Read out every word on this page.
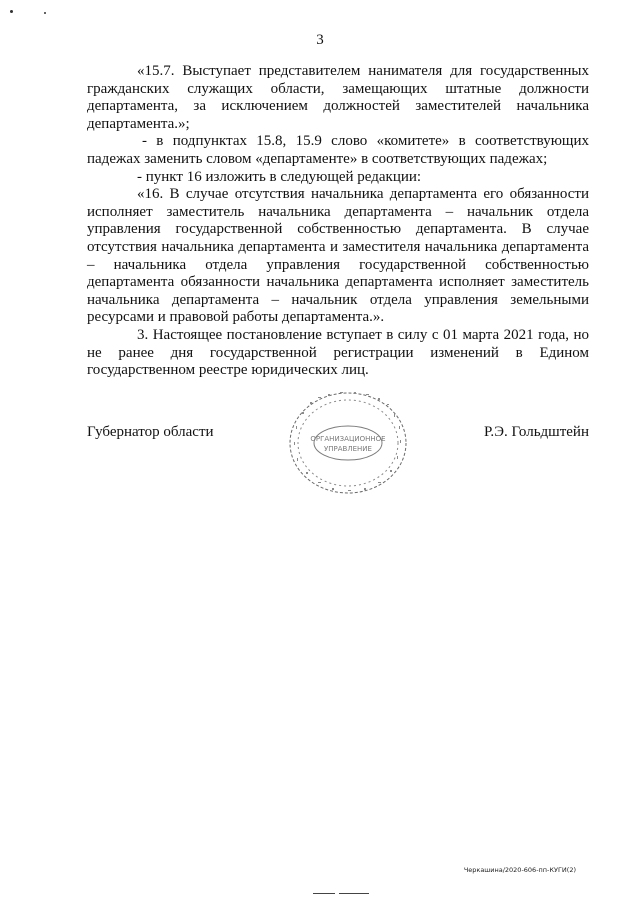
3

«15.7. Выступает представителем нанимателя для государственных гражданских служащих области, замещающих штатные должности департамента, за исключением должностей заместителей начальника департамента.»;

- в подпунктах 15.8, 15.9 слово «комитете» в соответствующих падежах заменить словом «департаменте» в соответствующих падежах;

- пункт 16 изложить в следующей редакции:

«16. В случае отсутствия начальника департамента его обязанности исполняет заместитель начальника департамента – начальник отдела управления государственной собственностью департамента. В случае отсутствия начальника департамента и заместителя начальника департамента – начальника отдела управления государственной собственностью департамента обязанности начальника департамента исполняет заместитель начальника департамента – начальник отдела управления земельными ресурсами и правовой работы департамента.».

3. Настоящее постановление вступает в силу с 01 марта 2021 года, но не ранее дня государственной регистрации изменений в Едином государственном реестре юридических лиц.

Губернатор области	Р.Э. Гольдштейн
ОРГАНИЗАЦИОННОЕ
УПРАВЛЕНИЕ
Черкашина/2020-606-пп-КУГИ(2)
